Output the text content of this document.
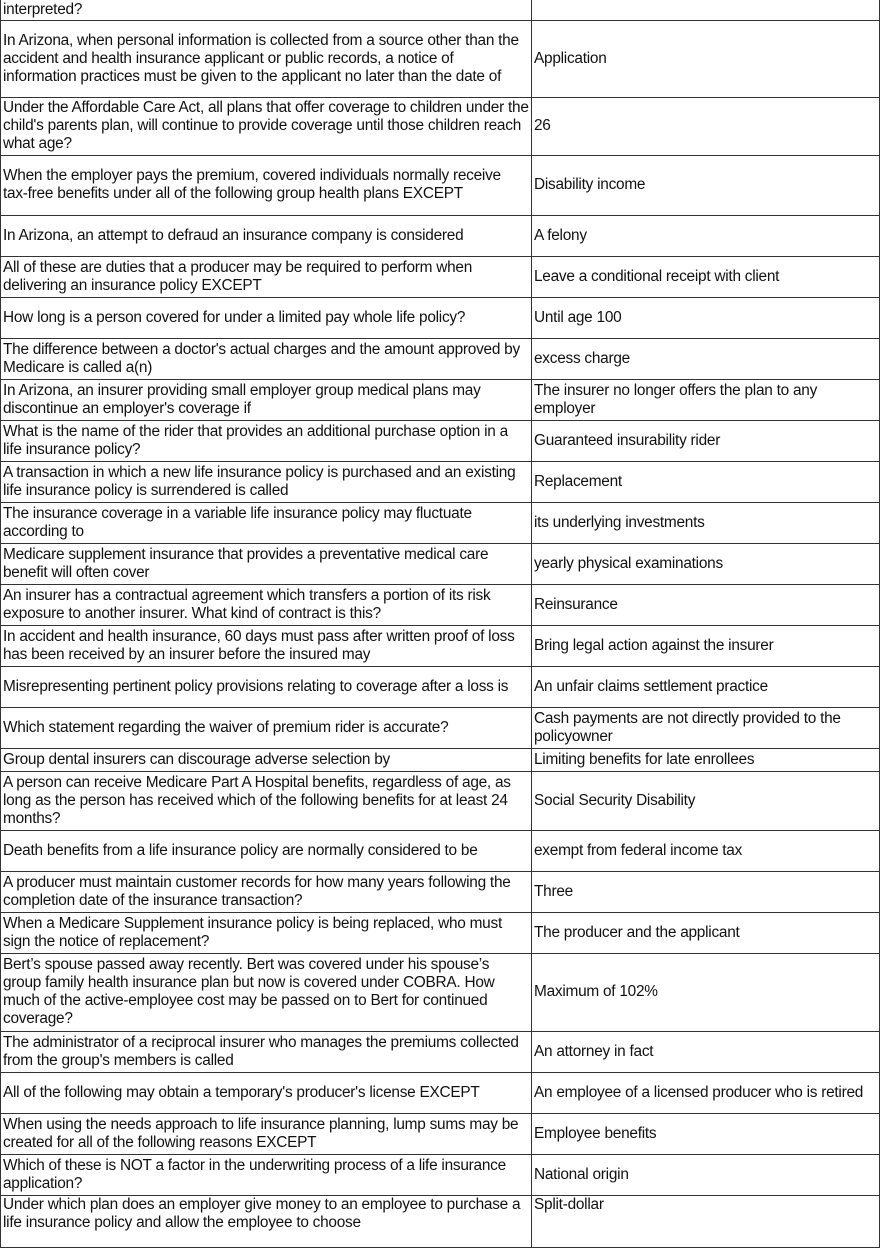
interpreted?	
In Arizona, when personal information is collected from a source other than the accident and health insurance applicant or public records, a notice of information practices must be given to the applicant no later than the date of	Application
Under the Affordable Care Act, all plans that offer coverage to children under the child's parents plan, will continue to provide coverage until those children reach what age?	26
When the employer pays the premium, covered individuals normally receive tax-free benefits under all of the following group health plans EXCEPT	Disability income
In Arizona, an attempt to defraud an insurance company is considered	A felony
All of these are duties that a producer may be required to perform when delivering an insurance policy EXCEPT	Leave a conditional receipt with client
How long is a person covered for under a limited pay whole life policy?	Until age 100
The difference between a doctor's actual charges and the amount approved by Medicare is called a(n)	excess charge
In Arizona, an insurer providing small employer group medical plans may discontinue an employer's coverage if	The insurer no longer offers the plan to any employer
What is the name of the rider that provides an additional purchase option in a life insurance policy?	Guaranteed insurability rider
A transaction in which a new life insurance policy is purchased and an existing life insurance policy is surrendered is called	Replacement
The insurance coverage in a variable life insurance policy may fluctuate according to	its underlying investments
Medicare supplement insurance that provides a preventative medical care benefit will often cover	yearly physical examinations
An insurer has a contractual agreement which transfers a portion of its risk exposure to another insurer. What kind of contract is this?	Reinsurance
In accident and health insurance, 60 days must pass after written proof of loss has been received by an insurer before the insured may	Bring legal action against the insurer
Misrepresenting pertinent policy provisions relating to coverage after a loss is	An unfair claims settlement practice
Which statement regarding the waiver of premium rider is accurate?	Cash payments are not directly provided to the policyowner
Group dental insurers can discourage adverse selection by	Limiting benefits for late enrollees
A person can receive Medicare Part A Hospital benefits, regardless of age, as long as the person has received which of the following benefits for at least 24 months?	Social Security Disability
Death benefits from a life insurance policy are normally considered to be	exempt from federal income tax
A producer must maintain customer records for how many years following the completion date of the insurance transaction?	Three
When a Medicare Supplement insurance policy is being replaced, who must sign the notice of replacement?	The producer and the applicant
Bert’s spouse passed away recently. Bert was covered under his spouse’s group family health insurance plan but now is covered under COBRA. How much of the active-employee cost may be passed on to Bert for continued coverage?	Maximum of 102%
The administrator of a reciprocal insurer who manages the premiums collected from the group's members is called	An attorney in fact
All of the following may obtain a temporary's producer's license EXCEPT	An employee of a licensed producer who is retired
When using the needs approach to life insurance planning, lump sums may be created for all of the following reasons EXCEPT	Employee benefits
Which of these is NOT a factor in the underwriting process of a life insurance application?	National origin
Under which plan does an employer give money to an employee to purchase a life insurance policy and allow the employee to choose	Split-dollar
